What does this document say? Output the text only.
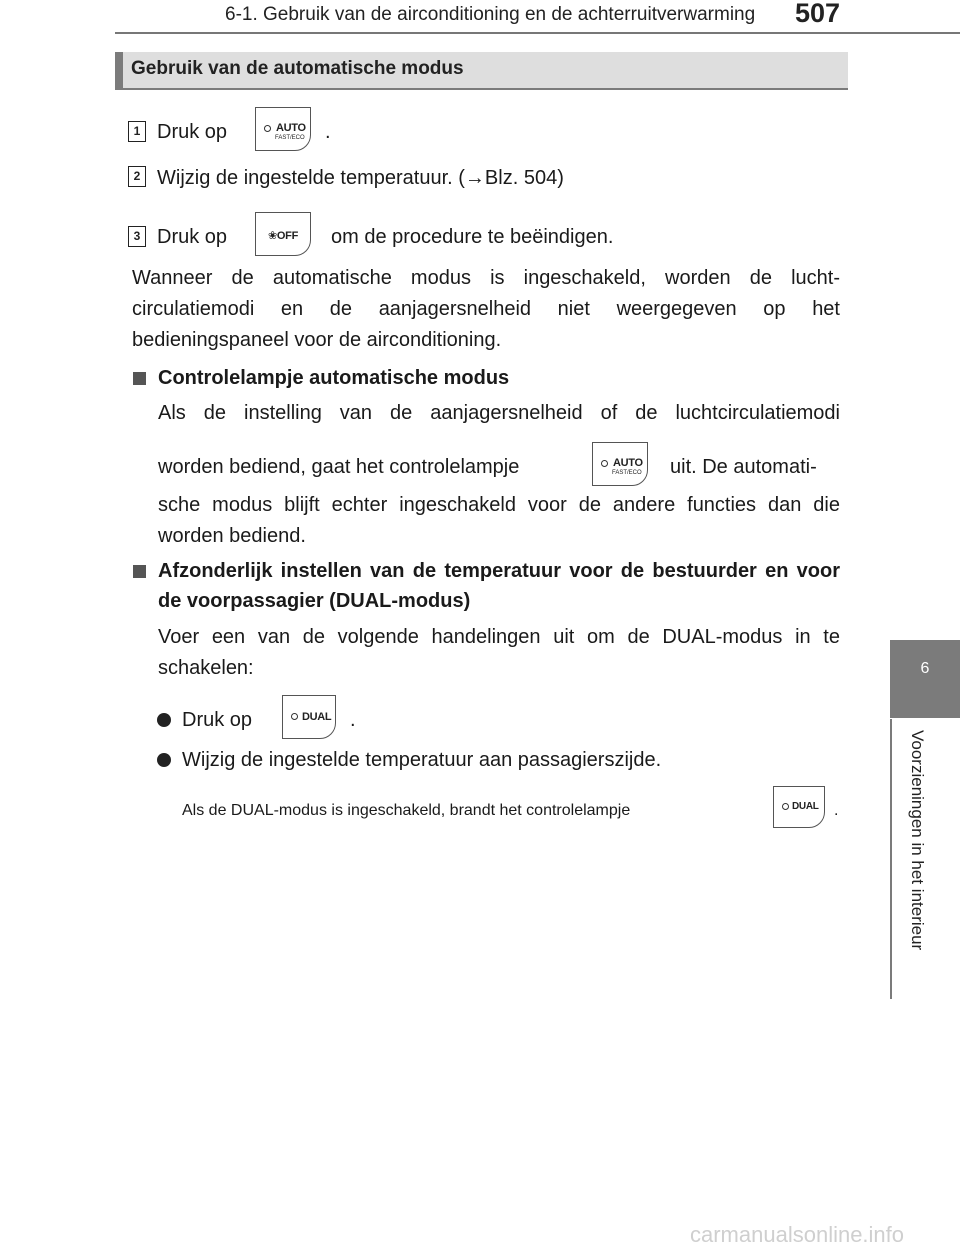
6-1. Gebruik van de airconditioning en de achterruitverwarming 507
6
Voorzieningen in het interieur
Gebruik van de automatische modus
1 Druk op	AUTO
FAST/ECO .
2 Wijzig de ingestelde temperatuur. (→Blz. 504)
3 Druk op	❀OFF om de procedure te beëindigen.
Wanneer de automatische modus is ingeschakeld, worden de lucht-circulatiemodi en de aanjagersnelheid niet weergegeven op het bedieningspaneel voor de airconditioning.
Controlelampje automatische modus
Als de instelling van de aanjagersnelheid of de luchtcirculatiemodi
worden bediend, gaat het controlelampje	AUTO
FAST/ECO uit. De automati-
sche modus blijft echter ingeschakeld voor de andere functies dan die worden bediend.
Afzonderlijk instellen van de temperatuur voor de bestuurder en voor de voorpassagier (DUAL-modus)
Voer een van de volgende handelingen uit om de DUAL-modus in te schakelen:
Druk op	DUAL .
Wijzig de ingestelde temperatuur aan passagierszijde.
Als de DUAL-modus is ingeschakeld, brandt het controlelampje	DUAL .
carmanualsonline.info
